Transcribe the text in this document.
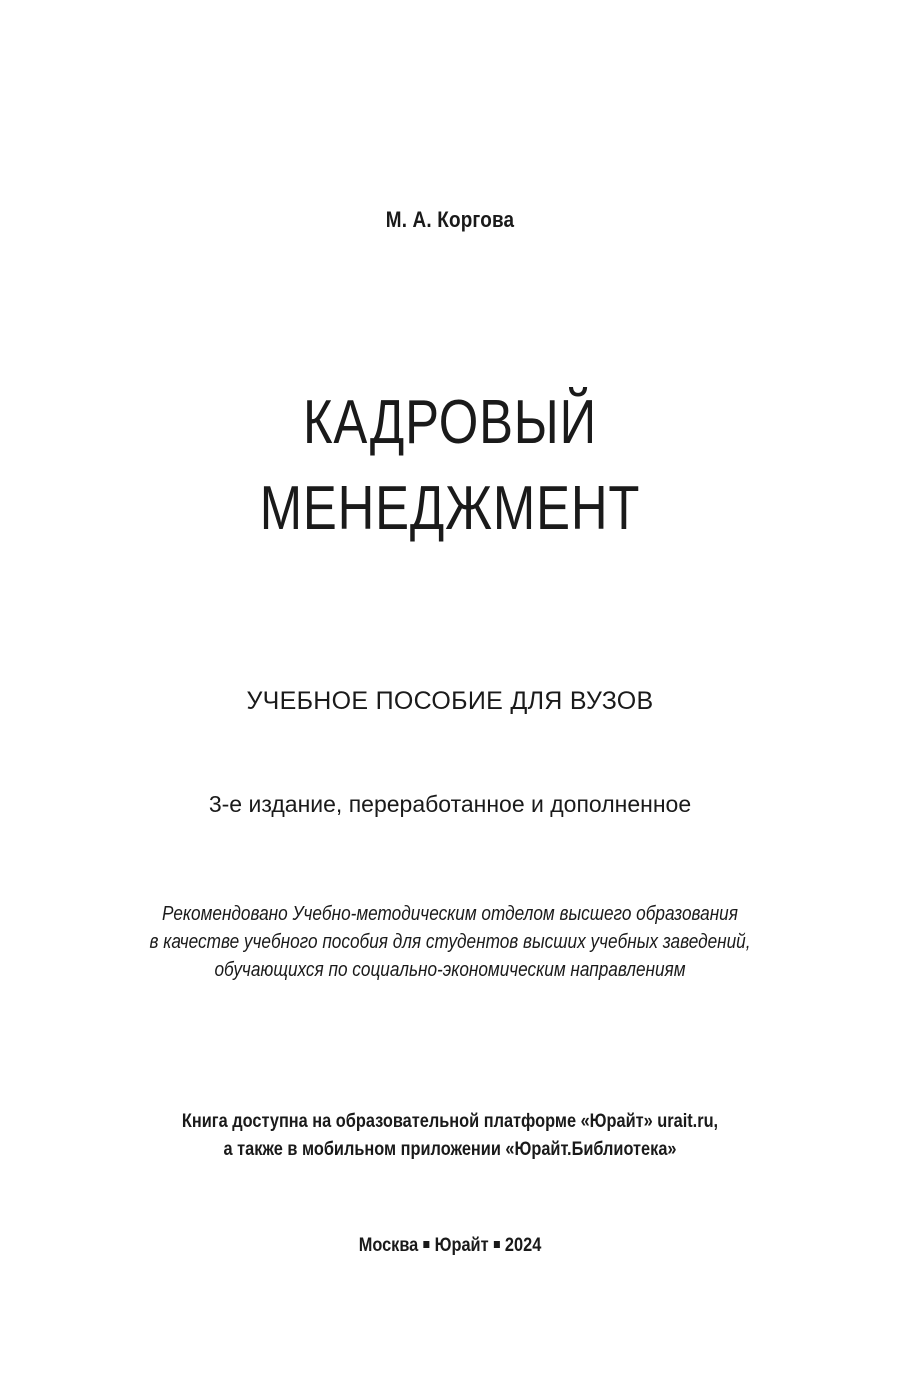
М. А. Коргова
КАДРОВЫЙ
МЕНЕДЖМЕНТ
УЧЕБНОЕ ПОСОБИЕ ДЛЯ ВУЗОВ
3-е издание, переработанное и дополненное
Рекомендовано Учебно-методическим отделом высшего образования
в качестве учебного пособия для студентов высших учебных заведений,
обучающихся по социально-экономическим направлениям
Книга доступна на образовательной платформе «Юрайт» urait.ru,
а также в мобильном приложении «Юрайт.Библиотека»
Москва Юрайт 2024
